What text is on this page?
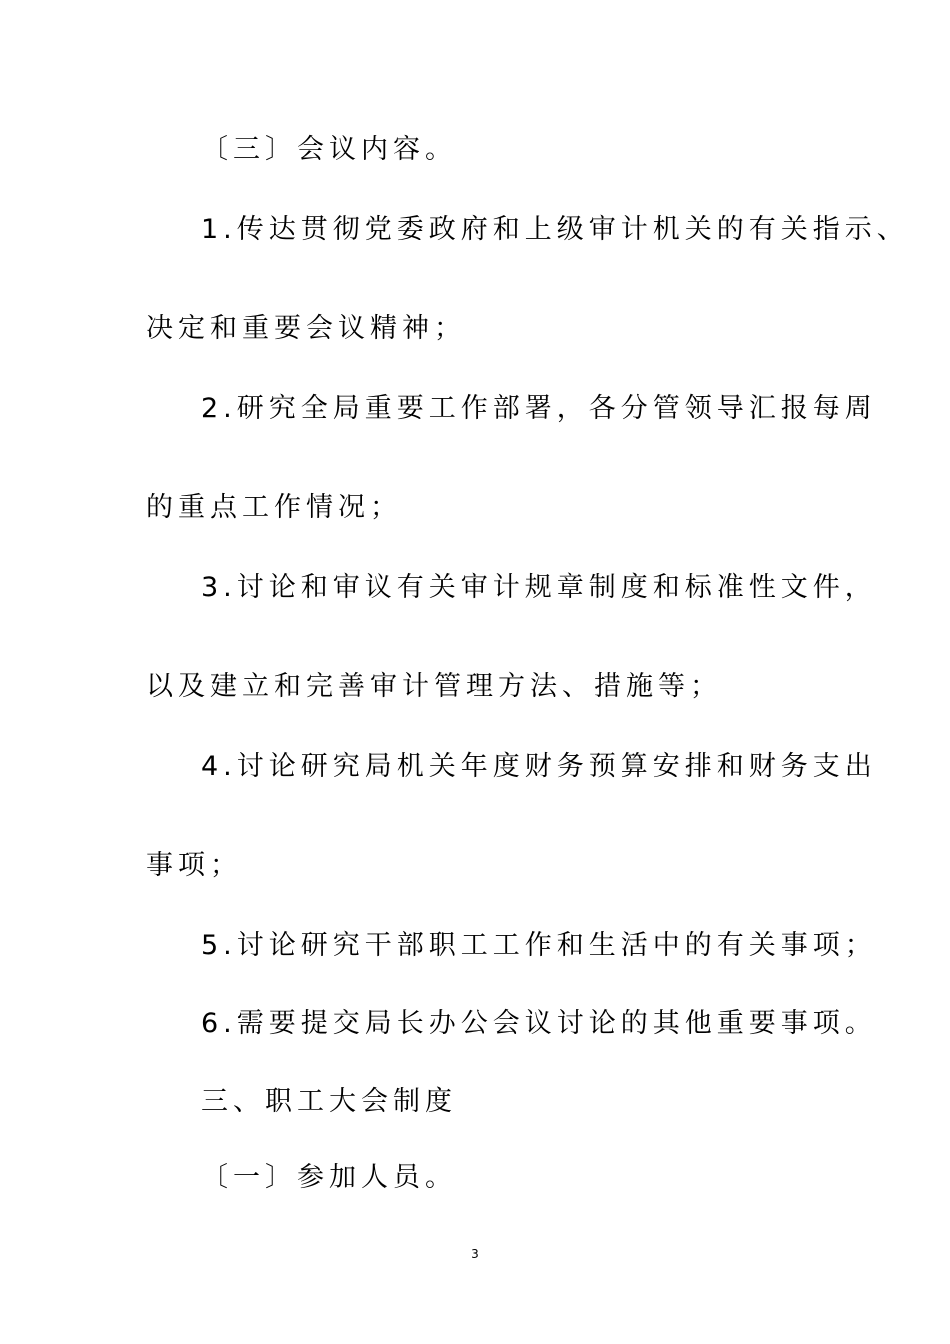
〔三〕会议内容。
1.传达贯彻党委政府和上级审计机关的有关指示、
决定和重要会议精神；
2.研究全局重要工作部署，各分管领导汇报每周
的重点工作情况；
3.讨论和审议有关审计规章制度和标准性文件，
以及建立和完善审计管理方法、措施等；
4.讨论研究局机关年度财务预算安排和财务支出
事项；
5.讨论研究干部职工工作和生活中的有关事项；
6.需要提交局长办公会议讨论的其他重要事项。
三、职工大会制度
〔一〕参加人员。
3
